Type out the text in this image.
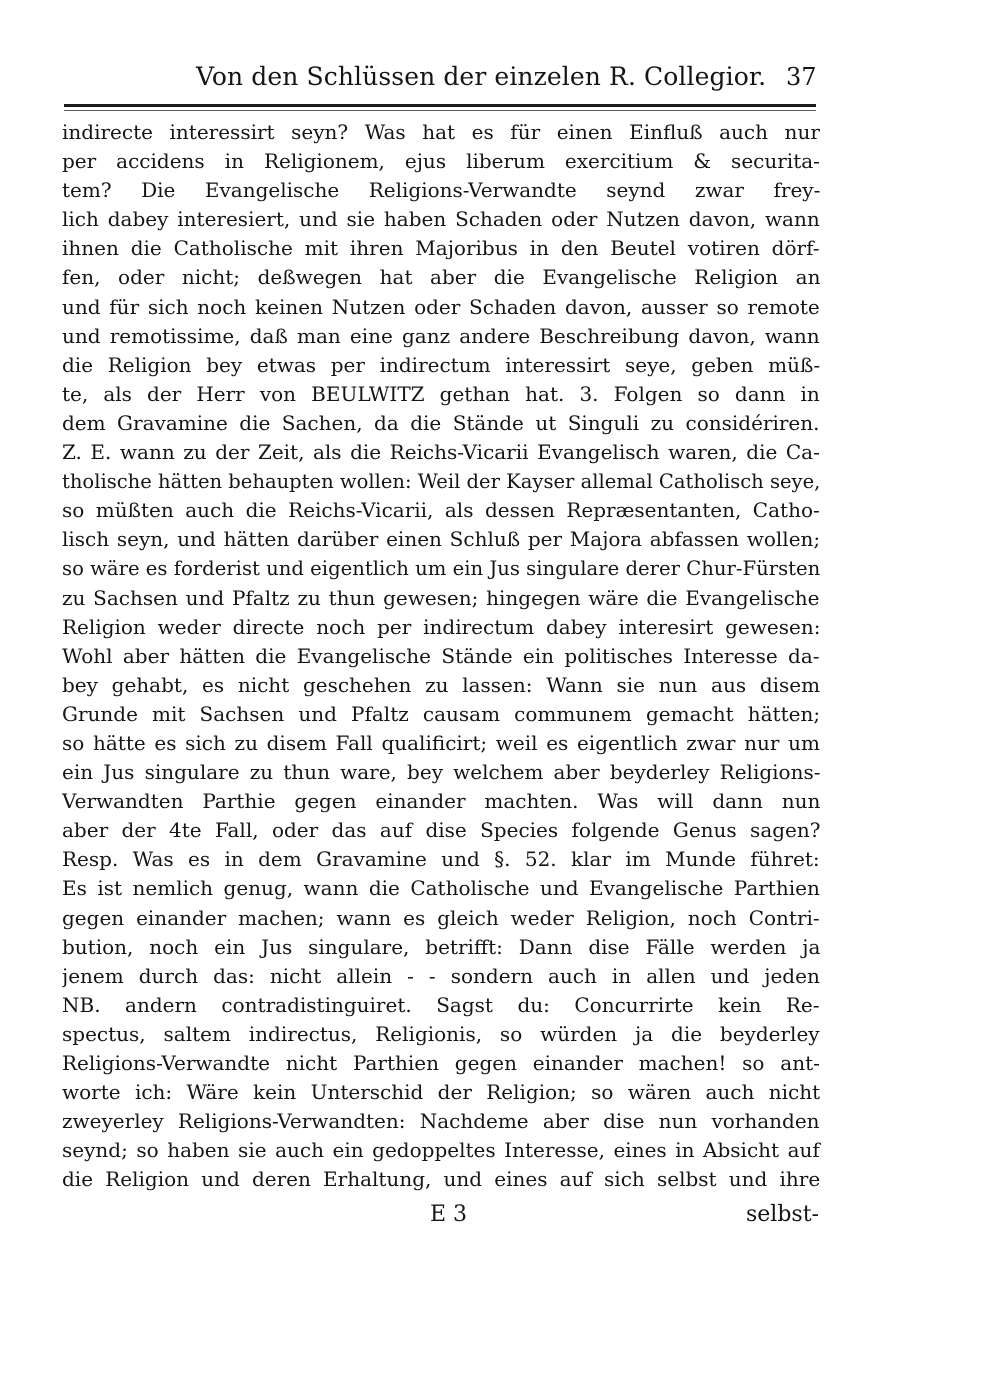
Von den Schlüssen der einzelen R. Collegior. 37
indirecte interessirt seyn? Was hat es für einen Einfluß auch nur
per accidens in Religionem, ejus liberum exercitium & securita-
tem? Die Evangelische Religions-Verwandte seynd zwar frey-
lich dabey interesiert, und sie haben Schaden oder Nutzen davon, wann
ihnen die Catholische mit ihren Majoribus in den Beutel votiren dörf-
fen, oder nicht; deßwegen hat aber die Evangelische Religion an
und für sich noch keinen Nutzen oder Schaden davon, ausser so remote
und remotissime, daß man eine ganz andere Beschreibung davon, wann
die Religion bey etwas per indirectum interessirt seye, geben müß-
te, als der Herr von BEULWITZ gethan hat. 3. Folgen so dann in
dem Gravamine die Sachen, da die Stände ut Singuli zu considériren.
Z. E. wann zu der Zeit, als die Reichs-Vicarii Evangelisch waren, die Ca-
tholische hätten behaupten wollen: Weil der Kayser allemal Catholisch seye,
so müßten auch die Reichs-Vicarii, als dessen Repræsentanten, Catho-
lisch seyn, und hätten darüber einen Schluß per Majora abfassen wollen;
so wäre es forderist und eigentlich um ein Jus singulare derer Chur-Fürsten
zu Sachsen und Pfaltz zu thun gewesen; hingegen wäre die Evangelische
Religion weder directe noch per indirectum dabey interesirt gewesen:
Wohl aber hätten die Evangelische Stände ein politisches Interesse da-
bey gehabt, es nicht geschehen zu lassen: Wann sie nun aus disem
Grunde mit Sachsen und Pfaltz causam communem gemacht hätten;
so hätte es sich zu disem Fall qualificirt; weil es eigentlich zwar nur um
ein Jus singulare zu thun ware, bey welchem aber beyderley Religions-
Verwandten Parthie gegen einander machten. Was will dann nun
aber der 4te Fall, oder das auf dise Species folgende Genus sagen?
Resp. Was es in dem Gravamine und §. 52. klar im Munde führet:
Es ist nemlich genug, wann die Catholische und Evangelische Parthien
gegen einander machen; wann es gleich weder Religion, noch Contri-
bution, noch ein Jus singulare, betrifft: Dann dise Fälle werden ja
jenem durch das: nicht allein - - sondern auch in allen und jeden
NB. andern contradistinguiret. Sagst du: Concurrirte kein Re-
spectus, saltem indirectus, Religionis, so würden ja die beyderley
Religions-Verwandte nicht Parthien gegen einander machen! so ant-
worte ich: Wäre kein Unterschid der Religion; so wären auch nicht
zweyerley Religions-Verwandten: Nachdeme aber dise nun vorhanden
seynd; so haben sie auch ein gedoppeltes Interesse, eines in Absicht auf
die Religion und deren Erhaltung, und eines auf sich selbst und ihre
E 3	selbst-
